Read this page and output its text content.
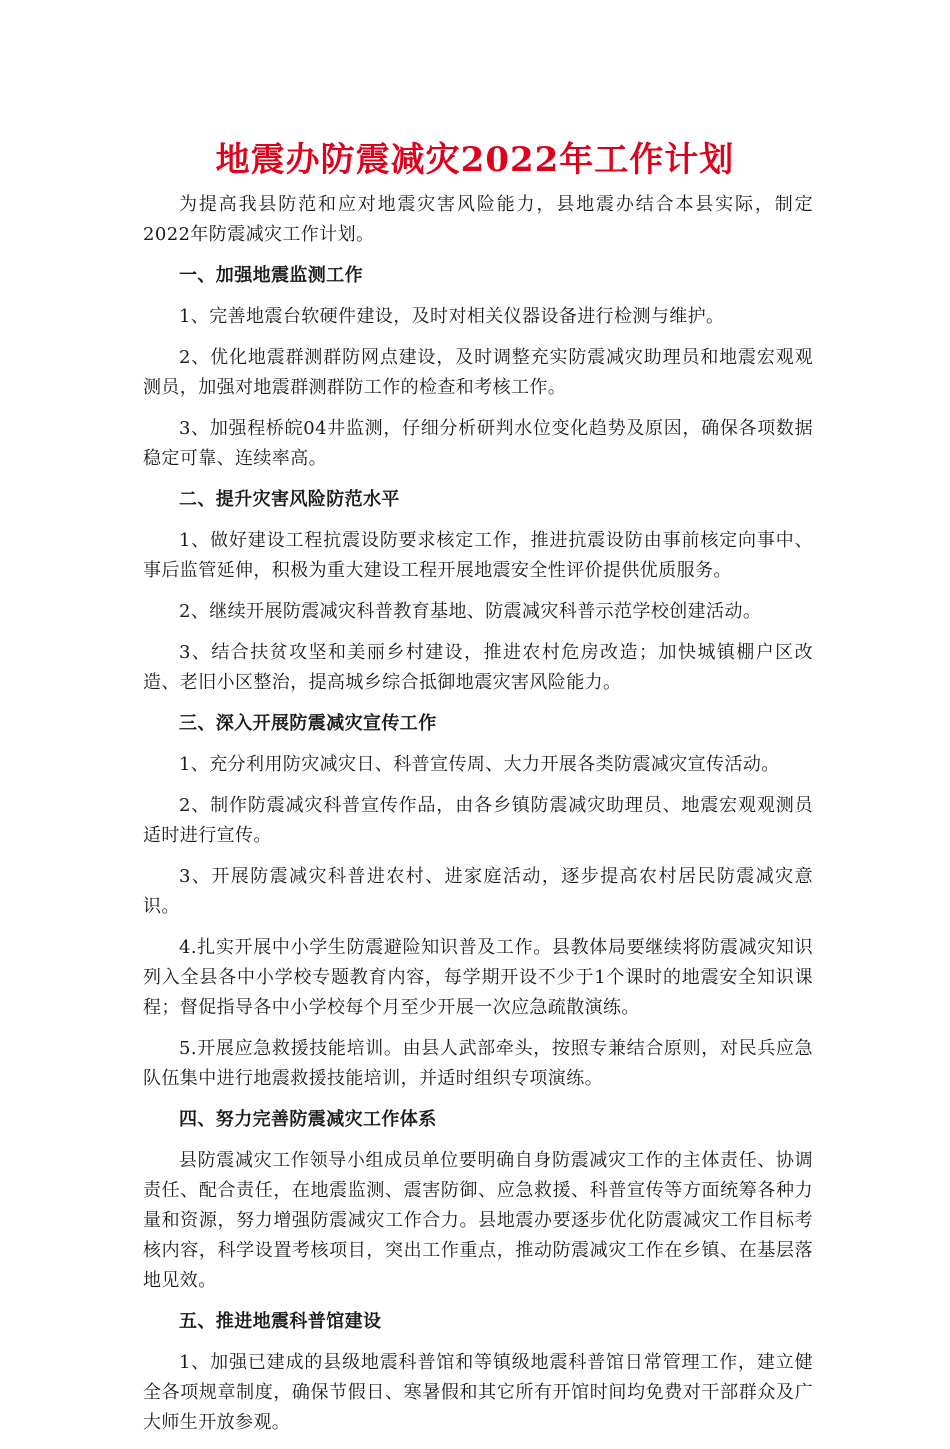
地震办防震减灾2022年工作计划

为提高我县防范和应对地震灾害风险能力，县地震办结合本县实际，制定2022年防震减灾工作计划。

一、加强地震监测工作

1、完善地震台软硬件建设，及时对相关仪器设备进行检测与维护。

2、优化地震群测群防网点建设，及时调整充实防震减灾助理员和地震宏观观测员，加强对地震群测群防工作的检查和考核工作。

3、加强程桥皖04井监测，仔细分析研判水位变化趋势及原因，确保各项数据稳定可靠、连续率高。

二、提升灾害风险防范水平

1、做好建设工程抗震设防要求核定工作，推进抗震设防由事前核定向事中、事后监管延伸，积极为重大建设工程开展地震安全性评价提供优质服务。

2、继续开展防震减灾科普教育基地、防震减灾科普示范学校创建活动。

3、结合扶贫攻坚和美丽乡村建设，推进农村危房改造；加快城镇棚户区改造、老旧小区整治，提高城乡综合抵御地震灾害风险能力。

三、深入开展防震减灾宣传工作

1、充分利用防灾减灾日、科普宣传周、大力开展各类防震减灾宣传活动。

2、制作防震减灾科普宣传作品，由各乡镇防震减灾助理员、地震宏观观测员适时进行宣传。

3、开展防震减灾科普进农村、进家庭活动，逐步提高农村居民防震减灾意识。

4.扎实开展中小学生防震避险知识普及工作。县教体局要继续将防震减灾知识列入全县各中小学校专题教育内容，每学期开设不少于1个课时的地震安全知识课程；督促指导各中小学校每个月至少开展一次应急疏散演练。

5.开展应急救援技能培训。由县人武部牵头，按照专兼结合原则，对民兵应急队伍集中进行地震救援技能培训，并适时组织专项演练。

四、努力完善防震减灾工作体系

县防震减灾工作领导小组成员单位要明确自身防震减灾工作的主体责任、协调责任、配合责任，在地震监测、震害防御、应急救援、科普宣传等方面统筹各种力量和资源，努力增强防震减灾工作合力。县地震办要逐步优化防震减灾工作目标考核内容，科学设置考核项目，突出工作重点，推动防震减灾工作在乡镇、在基层落地见效。

五、推进地震科普馆建设

1、加强已建成的县级地震科普馆和等镇级地震科普馆日常管理工作，建立健全各项规章制度，确保节假日、寒暑假和其它所有开馆时间均免费对干部群众及广大师生开放参观。
